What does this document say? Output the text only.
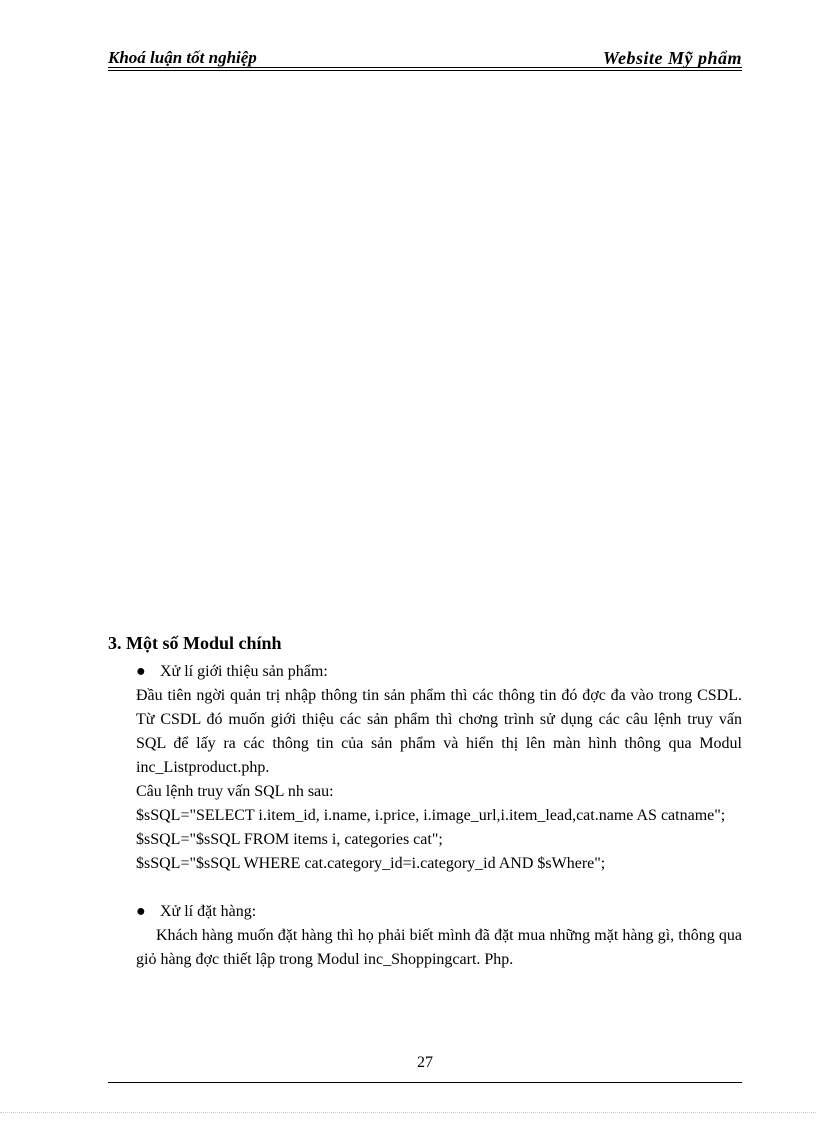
Khoá luận tốt nghiệp	Website Mỹ phẩm
3. Một số Modul chính

● Xử lí giới thiệu sản phẩm:

Đầu tiên ngời quản trị nhập thông tin sản phẩm thì các thông tin đó đợc đa vào trong CSDL. Từ CSDL đó muốn giới thiệu các sản phẩm thì chơng trình sử dụng các câu lệnh truy vấn SQL để lấy ra các thông tin của sản phẩm và hiển thị lên màn hình thông qua Modul inc_Listproduct.php.

Câu lệnh truy vấn SQL nh sau:

$sSQL="SELECT i.item_id, i.name, i.price, i.image_url,i.item_lead,cat.name AS catname";

$sSQL="$sSQL FROM items i, categories cat";

$sSQL="$sSQL WHERE cat.category_id=i.category_id AND $sWhere";

● Xử lí đặt hàng:

Khách hàng muốn đặt hàng thì họ phải biết mình đã đặt mua những mặt hàng gì, thông qua giỏ hàng đợc thiết lập trong Modul inc_Shoppingcart. Php.

27
